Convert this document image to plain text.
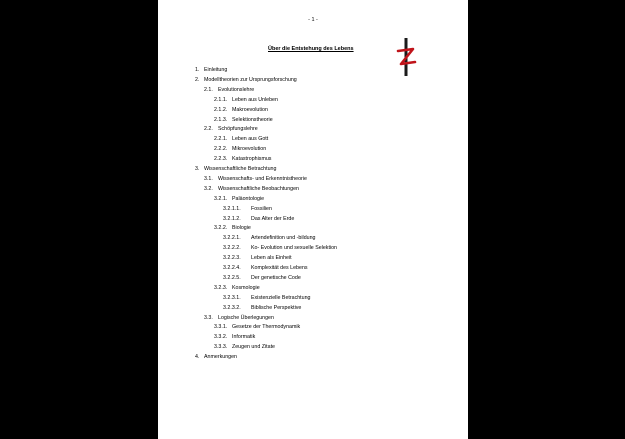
- 1 -
Über die Entstehung des Lebens
1. Einleitung
2. Modelltheorien zur Ursprungsforschung
2.1. Evolutionslehre
2.1.1. Leben aus Unleben
2.1.2. Makroevolution
2.1.3. Selektionstheorie
2.2. Schöpfungslehre
2.2.1. Leben aus Gott
2.2.2. Mikroevolution
2.2.3. Katastrophismus
3. Wissenschaftliche Betrachtung
3.1. Wissenschafts- und Erkenntnistheorie
3.2. Wissenschaftliche Beobachtungen
3.2.1. Paläontologie
3.2.1.1. Fossilien
3.2.1.2. Das Alter der Erde
3.2.2. Biologie
3.2.2.1. Artendefinition und -bildung
3.2.2.2. Ko- Evolution und sexuelle Selektion
3.2.2.3. Leben als Einheit
3.2.2.4. Komplexität des Lebens
3.2.2.5. Der genetische Code
3.2.3. Kosmologie
3.2.3.1. Existenzielle Betrachtung
3.2.3.2. Biblische Perspektive
3.3. Logische Überlegungen
3.3.1. Gesetze der Thermodynamik
3.3.2. Informatik
3.3.3. Zeugen und Zitate
4. Anmerkungen
